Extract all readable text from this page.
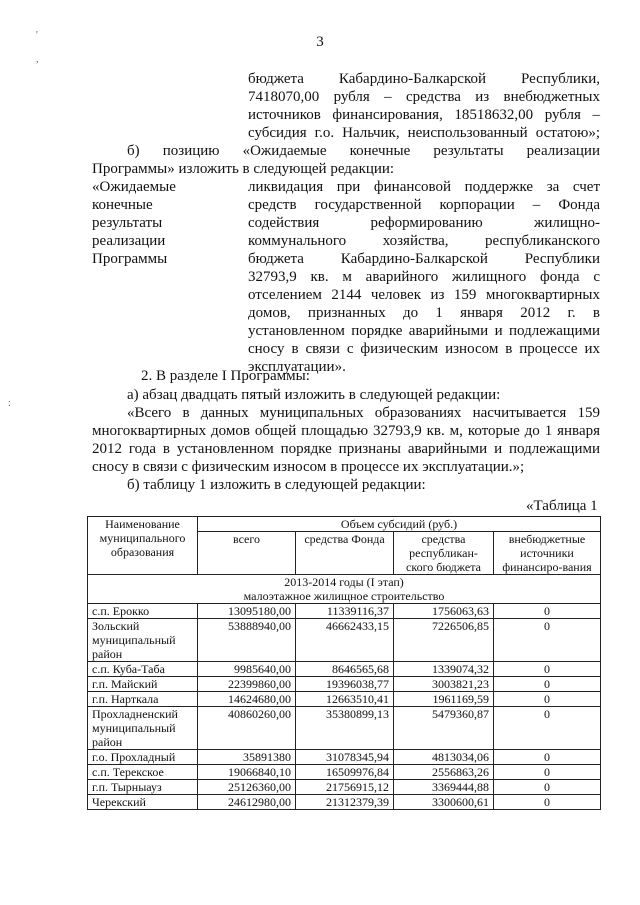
3
'
,
:
бюджета Кабардино-Балкарской Республики,
7418070,00 рубля – средства из внебюджетных
источников финансирования, 18518632,00 рубля –
субсидия г.о. Нальчик, неиспользованный остатою»;
б) позицию «Ожидаемые конечные результаты реализации
Программы» изложить в следующей редакции:
«Ожидаемые
конечные
результаты
реализации
Программы
ликвидация при финансовой поддержке за счет
средств государственной корпорации – Фонда
содействия реформированию жилищно-
коммунального хозяйства, республиканского
бюджета Кабардино-Балкарской Республики
32793,9 кв. м аварийного жилищного фонда с
отселением 2144 человек из 159 многоквартирных
домов, признанных до 1 января 2012 г. в
установленном порядке аварийными и подлежащими
сносу в связи с физическим износом в процессе их
эксплуатации».
2. В разделе I Программы:
а) абзац двадцать пятый изложить в следующей редакции:
«Всего в данных муниципальных образованиях насчитывается 159
многоквартирных домов общей площадью 32793,9 кв. м, которые до 1 января
2012 года в установленном порядке признаны аварийными и подлежащими
сносу в связи с физическим износом в процессе их эксплуатации.»;
б) таблицу 1 изложить в следующей редакции:
«Таблица 1
Наименование муниципального образования	Объем субсидий (руб.)			
	всего	средства Фонда	средства республикан-ского бюджета	внебюджетные источники финансиро-вания

2013-2014 годы (I этап)
малоэтажное жилищное строительство				

с.п. Ерокко	13095180,00	11339116,37	1756063,63	0
Зольский муниципальный район	53888940,00	46662433,15	7226506,85	0
с.п. Куба-Таба	9985640,00	8646565,68	1339074,32	0
г.п. Майский	22399860,00	19396038,77	3003821,23	0
г.п. Нарткала	14624680,00	12663510,41	1961169,59	0
Прохладненский муниципальный район	40860260,00	35380899,13	5479360,87	0
г.о. Прохладный	35891380	31078345,94	4813034,06	0
с.п. Терекское	19066840,10	16509976,84	2556863,26	0
г.п. Тырныауз	25126360,00	21756915,12	3369444,88	0
Черекский	24612980,00	21312379,39	3300600,61	0
